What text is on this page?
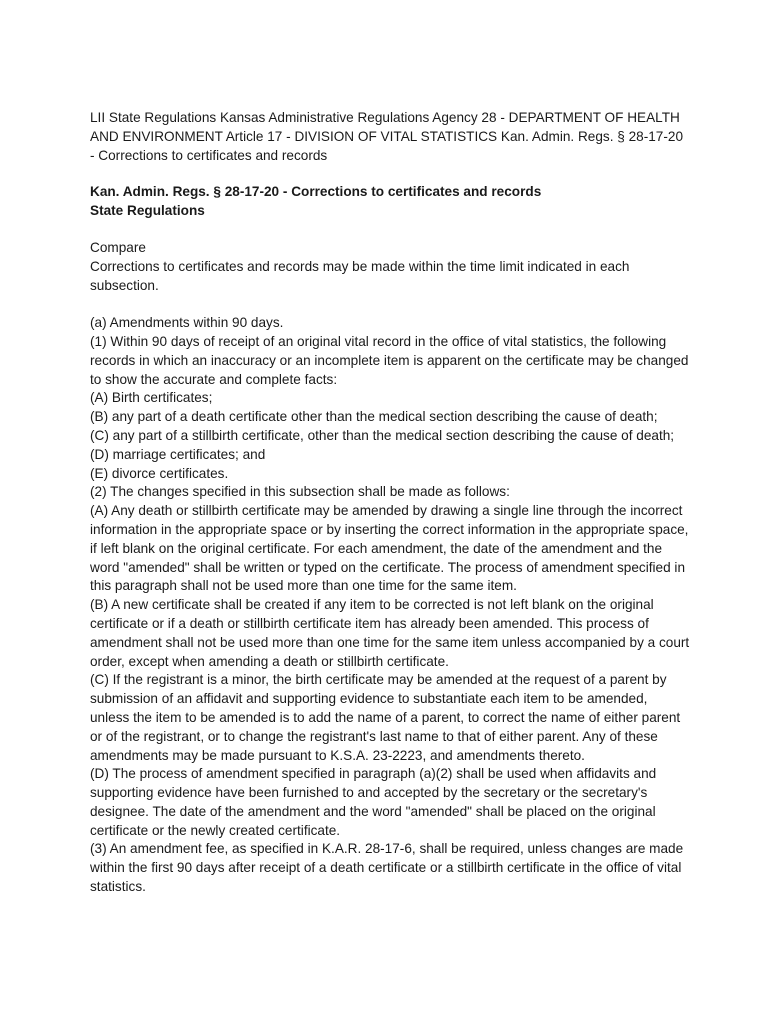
LII State Regulations Kansas Administrative Regulations Agency 28 - DEPARTMENT OF HEALTH AND ENVIRONMENT Article 17 - DIVISION OF VITAL STATISTICS Kan. Admin. Regs. § 28-17-20 - Corrections to certificates and records

Kan. Admin. Regs. § 28-17-20 - Corrections to certificates and records
State Regulations
Compare

Corrections to certificates and records may be made within the time limit indicated in each subsection.

(a) Amendments within 90 days.

(1) Within 90 days of receipt of an original vital record in the office of vital statistics, the following records in which an inaccuracy or an incomplete item is apparent on the certificate may be changed to show the accurate and complete facts:

(A) Birth certificates;

(B) any part of a death certificate other than the medical section describing the cause of death;

(C) any part of a stillbirth certificate, other than the medical section describing the cause of death;

(D) marriage certificates; and

(E) divorce certificates.

(2) The changes specified in this subsection shall be made as follows:

(A) Any death or stillbirth certificate may be amended by drawing a single line through the incorrect information in the appropriate space or by inserting the correct information in the appropriate space, if left blank on the original certificate. For each amendment, the date of the amendment and the word "amended" shall be written or typed on the certificate. The process of amendment specified in this paragraph shall not be used more than one time for the same item.

(B) A new certificate shall be created if any item to be corrected is not left blank on the original certificate or if a death or stillbirth certificate item has already been amended. This process of amendment shall not be used more than one time for the same item unless accompanied by a court order, except when amending a death or stillbirth certificate.

(C) If the registrant is a minor, the birth certificate may be amended at the request of a parent by submission of an affidavit and supporting evidence to substantiate each item to be amended, unless the item to be amended is to add the name of a parent, to correct the name of either parent or of the registrant, or to change the registrant's last name to that of either parent. Any of these amendments may be made pursuant to K.S.A. 23-2223, and amendments thereto.

(D) The process of amendment specified in paragraph (a)(2) shall be used when affidavits and supporting evidence have been furnished to and accepted by the secretary or the secretary's designee. The date of the amendment and the word "amended" shall be placed on the original certificate or the newly created certificate.

(3) An amendment fee, as specified in K.A.R. 28-17-6, shall be required, unless changes are made within the first 90 days after receipt of a death certificate or a stillbirth certificate in the office of vital statistics.
